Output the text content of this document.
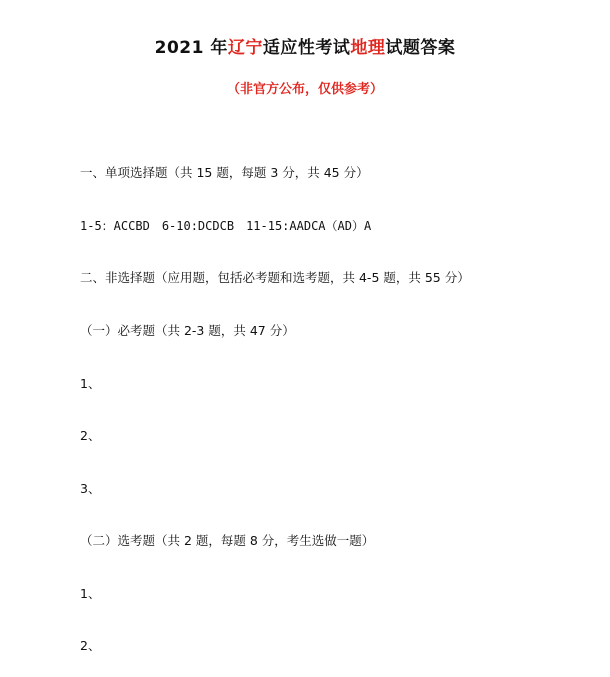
2021 年辽宁适应性考试地理试题答案
（非官方公布，仅供参考）
一、单项选择题（共 15 题，每题 3 分，共 45 分）
1-5：ACCBD 6-10:DCDCB 11-15:AADCA（AD）A
二、非选择题（应用题，包括必考题和选考题，共 4-5 题，共 55 分）
（一）必考题（共 2-3 题，共 47 分）
1、
2、
3、
（二）选考题（共 2 题，每题 8 分，考生选做一题）
1、
2、
